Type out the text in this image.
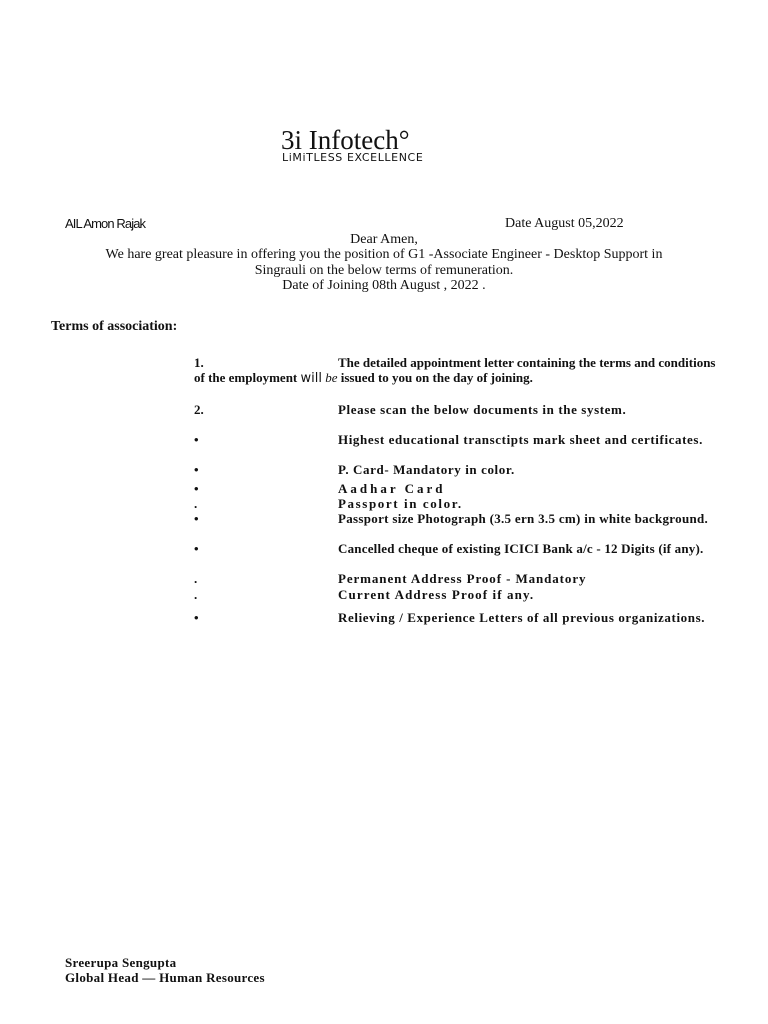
3i Infotech°
LiMiTLESS EXCELLENCE
AIL Amon Rajak	Date August 05,2022
Dear Amen,
We hare great pleasure in offering you the position of G1 -Associate Engineer - Desktop Support in
Singrauli on the below terms of remuneration.
Date of Joining 08th August , 2022 .
Terms of association:
1.	The detailed appointment letter containing the terms and conditions of the employment will be issued to you on the day of joining.
2.	Please scan the below documents in the system.
•	Highest educational transctipts mark sheet and certificates.
•	P. Card- Mandatory in color.
•	Aadhar Card
.	Passport in color.
•	Passport size Photograph (3.5 ern 3.5 cm) in white background.
•	Cancelled cheque of existing ICICI Bank a/c - 12 Digits (if any).
.	Permanent Address Proof - Mandatory
.	Current Address Proof if any.
•	Relieving / Experience Letters of all previous organizations.
Sreerupa Sengupta
Global Head — Human Resources
